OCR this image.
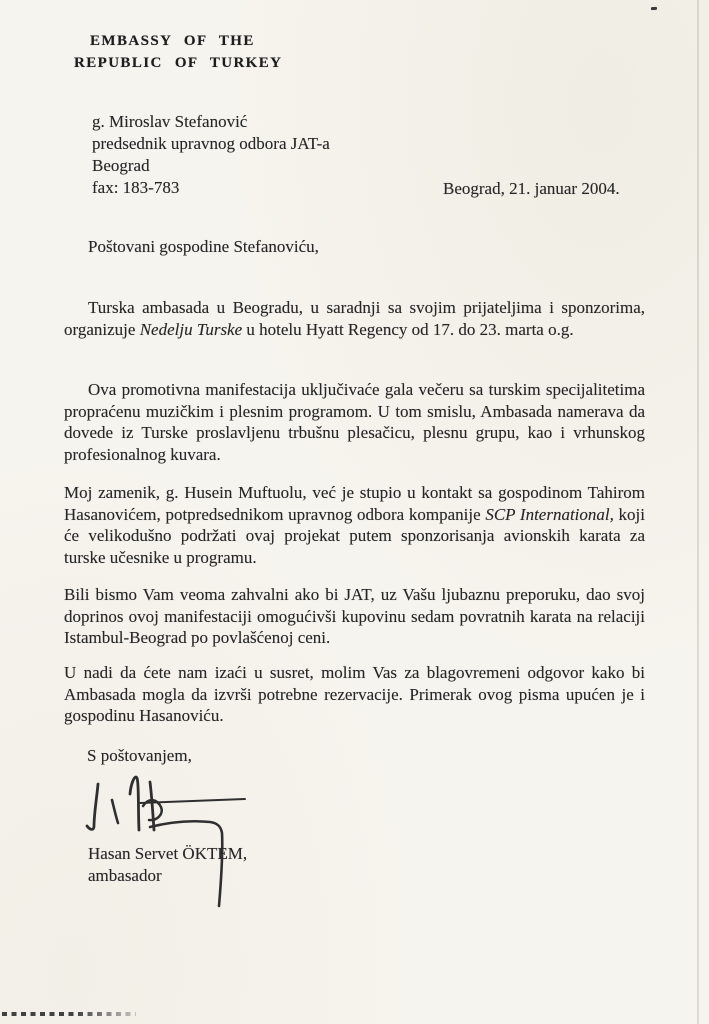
EMBASSY OF THE
REPUBLIC OF TURKEY
g. Miroslav Stefanović
predsednik upravnog odbora JAT-a
Beograd
fax: 183-783	Beograd, 21. januar 2004.
Poštovani gospodine Stefanoviću,

Turska ambasada u Beogradu, u saradnji sa svojim prijateljima i sponzorima, organizuje Nedelju Turske u hotelu Hyatt Regency od 17. do 23. marta o.g.

Ova promotivna manifestacija uključivaće gala večeru sa turskim specijalitetima propraćenu muzičkim i plesnim programom. U tom smislu, Ambasada namerava da dovede iz Turske proslavljenu trbušnu plesačicu, plesnu grupu, kao i vrhunskog profesionalnog kuvara.

Moj zamenik, g. Husein Muftuolu, već je stupio u kontakt sa gospodinom Tahirom Hasanovićem, potpredsednikom upravnog odbora kompanije SCP International, koji će velikodušno podržati ovaj projekat putem sponzorisanja avionskih karata za turske učesnike u programu.

Bili bismo Vam veoma zahvalni ako bi JAT, uz Vašu ljubaznu preporuku, dao svoj doprinos ovoj manifestaciji omogućivši kupovinu sedam povratnih karata na relaciji Istambul-Beograd po povlašćenoj ceni.

U nadi da ćete nam izaći u susret, molim Vas za blagovremeni odgovor kako bi Ambasada mogla da izvrši potrebne rezervacije. Primerak ovog pisma upućen je i gospodinu Hasanoviću.

S poštovanjem,
Hasan Servet ÖKTEM,
ambasador
